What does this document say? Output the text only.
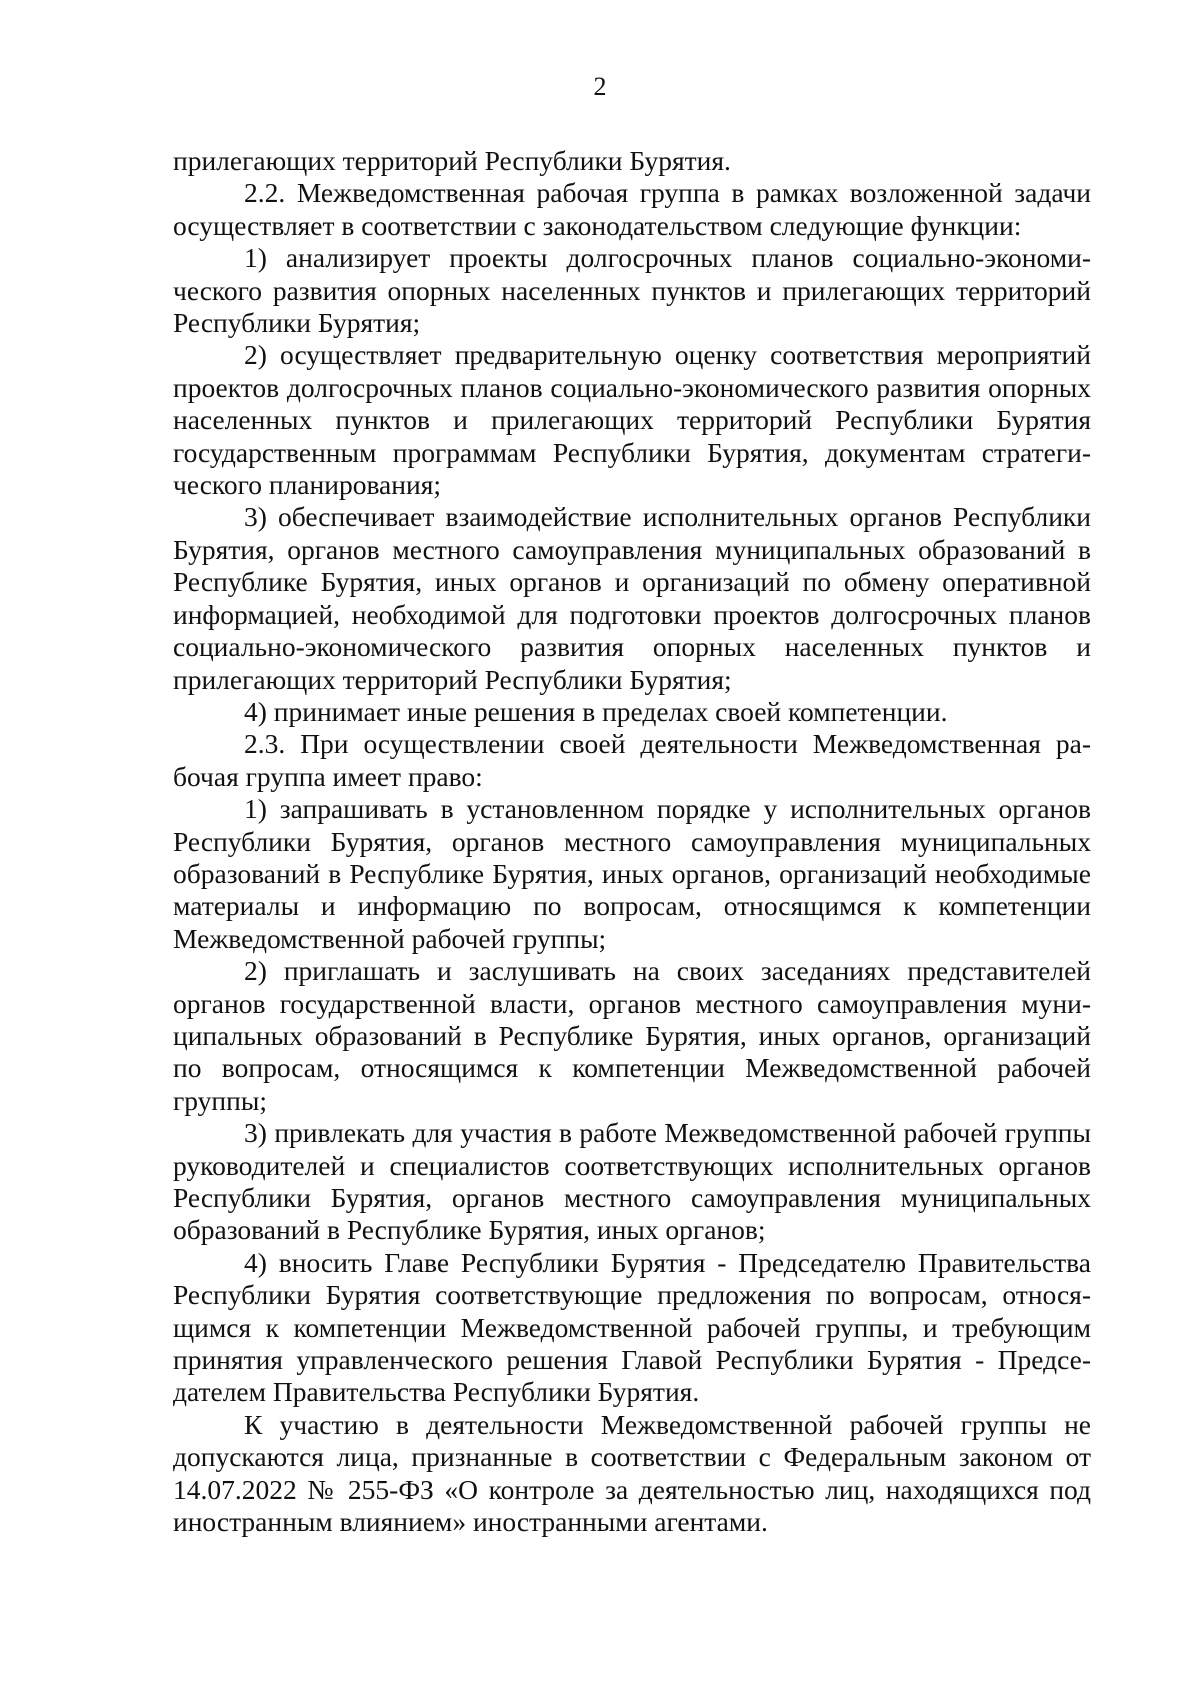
2

прилегающих территорий Республики Бурятия.

2.2. Межведомственная рабочая группа в рамках возложенной задачи осуществляет в соответствии с законодательством следующие функции:

1) анализирует проекты долгосрочных планов социально-экономического развития опорных населенных пунктов и прилегающих территорий Республики Бурятия;

2) осуществляет предварительную оценку соответствия мероприятий проектов долгосрочных планов социально-экономического развития опорных населенных пунктов и прилегающих территорий Республики Бурятия государственным программам Республики Бурятия, документам стратегического планирования;

3) обеспечивает взаимодействие исполнительных органов Республики Бурятия, органов местного самоуправления муниципальных образований в Республике Бурятия, иных органов и организаций по обмену оперативной информацией, необходимой для подготовки проектов долгосрочных планов социально-экономического развития опорных населенных пунктов и прилегающих территорий Республики Бурятия;

4) принимает иные решения в пределах своей компетенции.

2.3. При осуществлении своей деятельности Межведомственная рабочая группа имеет право:

1) запрашивать в установленном порядке у исполнительных органов Республики Бурятия, органов местного самоуправления муниципальных образований в Республике Бурятия, иных органов, организаций необходимые материалы и информацию по вопросам, относящимся к компетенции Межведомственной рабочей группы;

2) приглашать и заслушивать на своих заседаниях представителей органов государственной власти, органов местного самоуправления муниципальных образований в Республике Бурятия, иных органов, организаций по вопросам, относящимся к компетенции Межведомственной рабочей группы;

3) привлекать для участия в работе Межведомственной рабочей группы руководителей и специалистов соответствующих исполнительных органов Республики Бурятия, органов местного самоуправления муниципальных образований в Республике Бурятия, иных органов;

4) вносить Главе Республики Бурятия - Председателю Правительства Республики Бурятия соответствующие предложения по вопросам, относящимся к компетенции Межведомственной рабочей группы, и требующим принятия управленческого решения Главой Республики Бурятия - Председателем Правительства Республики Бурятия.

К участию в деятельности Межведомственной рабочей группы не допускаются лица, признанные в соответствии с Федеральным законом от 14.07.2022 № 255-ФЗ «О контроле за деятельностью лиц, находящихся под иностранным влиянием» иностранными агентами.
